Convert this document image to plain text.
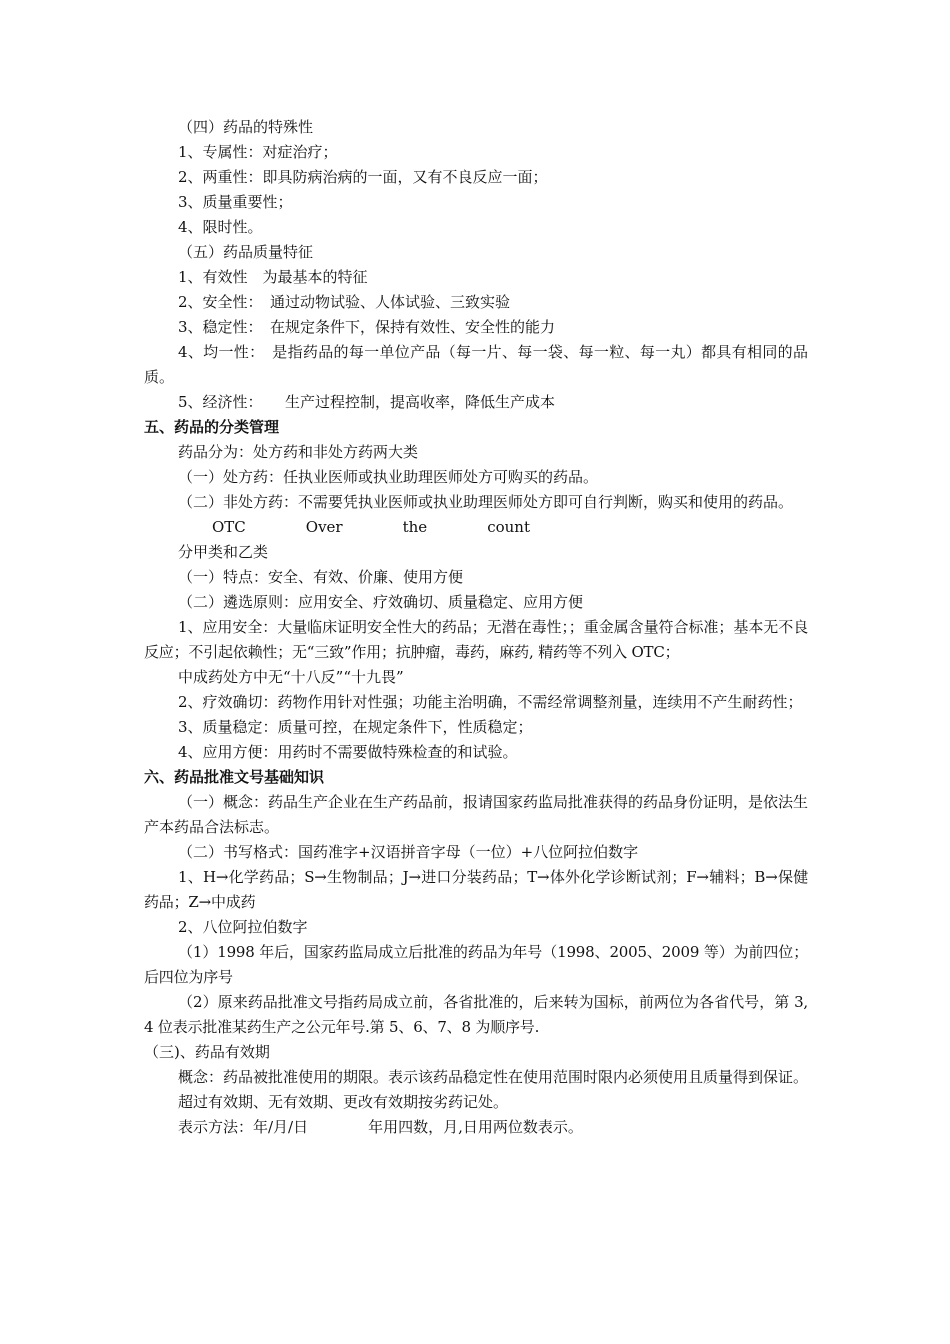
（四）药品的特殊性

1、专属性：对症治疗；

2、两重性：即具防病治病的一面，又有不良反应一面；

3、质量重要性；

4、限时性。

（五）药品质量特征

1、有效性　为最基本的特征

2、安全性：　通过动物试验、人体试验、三致实验

3、稳定性：　在规定条件下，保持有效性、安全性的能力

4、均一性：　是指药品的每一单位产品（每一片、每一袋、每一粒、每一丸）都具有相同的品质。

5、经济性：　　生产过程控制，提高收率，降低生产成本

五、药品的分类管理

药品分为：处方药和非处方药两大类

（一）处方药：任执业医师或执业助理医师处方可购买的药品。

（二）非处方药：不需要凭执业医师或执业助理医师处方即可自行判断，购买和使用的药品。

OTC	Over	the	count

分甲类和乙类

（一）特点：安全、有效、价廉、使用方便

（二）遴选原则：应用安全、疗效确切、质量稳定、应用方便

1、应用安全：大量临床证明安全性大的药品；无潜在毒性；；重金属含量符合标准；基本无不良反应；不引起依赖性；无“三致”作用；抗肿瘤，毒药，麻药, 精药等不列入 OTC；

中成药处方中无“十八反”“十九畏”

2、疗效确切：药物作用针对性强；功能主治明确，不需经常调整剂量，连续用不产生耐药性；

3、质量稳定：质量可控，在规定条件下，性质稳定；

4、应用方便：用药时不需要做特殊检查的和试验。

六、药品批准文号基础知识

（一）概念：药品生产企业在生产药品前，报请国家药监局批准获得的药品身份证明，是依法生产本药品合法标志。

（二）书写格式：国药准字+汉语拼音字母（一位）+八位阿拉伯数字

1、H→化学药品；S→生物制品；J→进口分装药品；T→体外化学诊断试剂；F→辅料；B→保健药品；Z→中成药

2、八位阿拉伯数字

（1）1998 年后，国家药监局成立后批准的药品为年号（1998、2005、2009 等）为前四位；后四位为序号

（2）原来药品批准文号指药局成立前，各省批准的，后来转为国标，前两位为各省代号，第 3, 4 位表示批准某药生产之公元年号.第 5、6、7、8 为顺序号.

（三)、药品有效期

概念：药品被批准使用的期限。表示该药品稳定性在使用范围时限内必须使用且质量得到保证。

超过有效期、无有效期、更改有效期按劣药记处。

表示方法：年/月/日　　　　年用四数，月,日用两位数表示。
